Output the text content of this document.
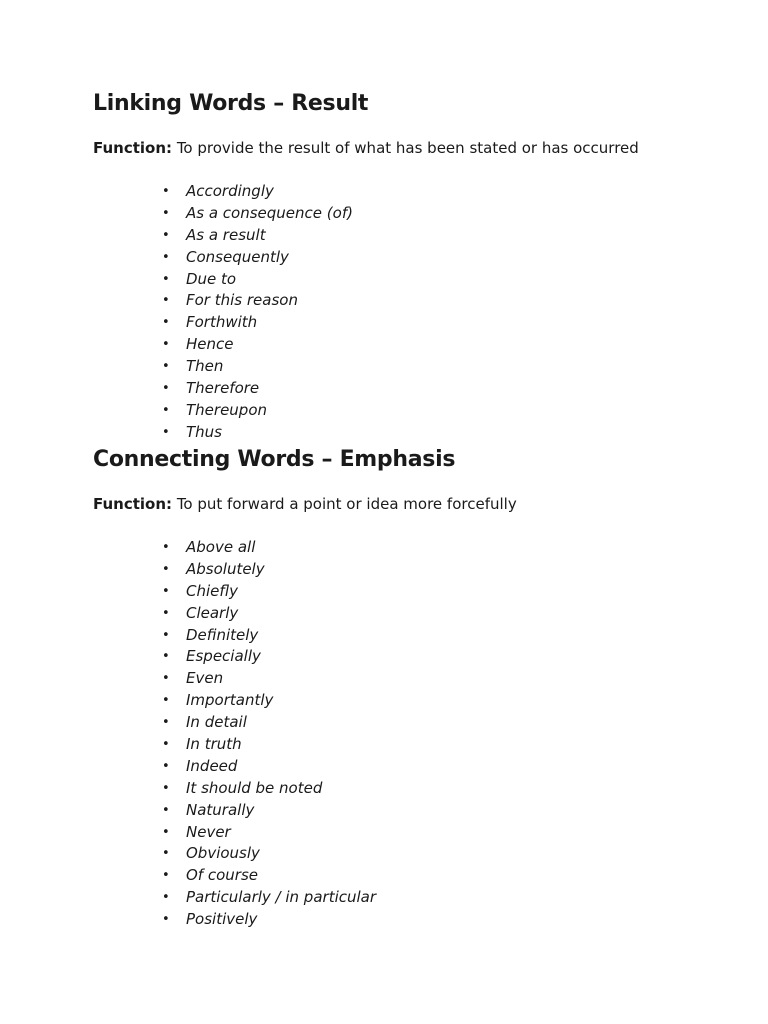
Linking Words – Result

Function: To provide the result of what has been stated or has occurred

• Accordingly
• As a consequence (of)
• As a result
• Consequently
• Due to
• For this reason
• Forthwith
• Hence
• Then
• Therefore
• Thereupon
• Thus
Connecting Words – Emphasis

Function: To put forward a point or idea more forcefully

• Above all
• Absolutely
• Chiefly
• Clearly
• Definitely
• Especially
• Even
• Importantly
• In detail
• In truth
• Indeed
• It should be noted
• Naturally
• Never
• Obviously
• Of course
• Particularly / in particular
• Positively
